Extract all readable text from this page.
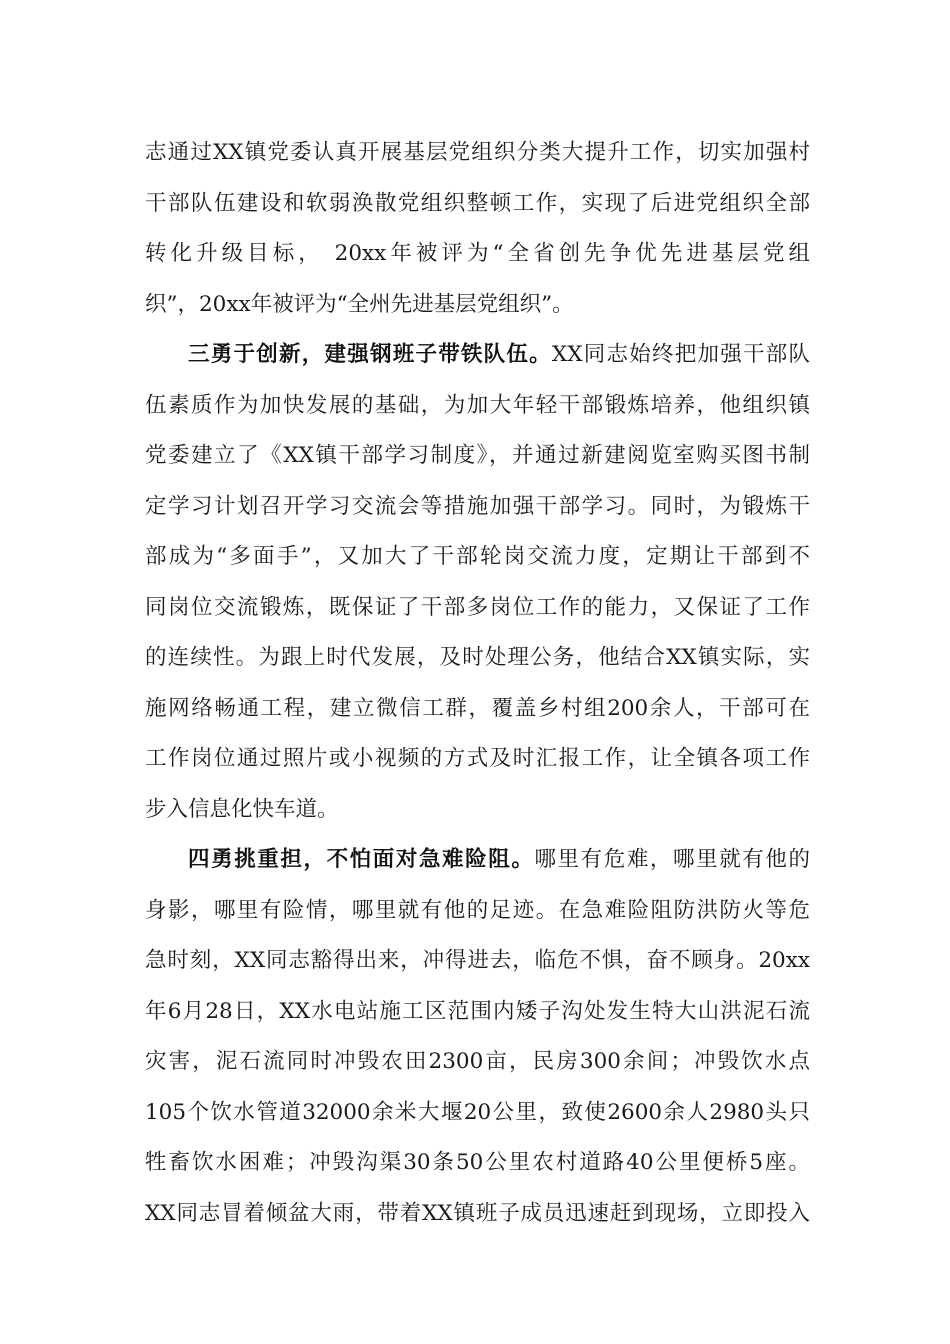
志通过XX镇党委认真开展基层党组织分类大提升工作，切实加强村
干部队伍建设和软弱涣散党组织整顿工作，实现了后进党组织全部
转化升级目标， 20xx年被评为“全省创先争优先进基层党组
织”，20xx年被评为“全州先进基层党组织”。
三勇于创新，建强钢班子带铁队伍。XX同志始终把加强干部队
伍素质作为加快发展的基础，为加大年轻干部锻炼培养，他组织镇
党委建立了《XX镇干部学习制度》，并通过新建阅览室购买图书制
定学习计划召开学习交流会等措施加强干部学习。同时，为锻炼干
部成为“多面手”，又加大了干部轮岗交流力度，定期让干部到不
同岗位交流锻炼，既保证了干部多岗位工作的能力，又保证了工作
的连续性。为跟上时代发展，及时处理公务，他结合XX镇实际，实
施网络畅通工程，建立微信工群，覆盖乡村组200余人，干部可在
工作岗位通过照片或小视频的方式及时汇报工作，让全镇各项工作
步入信息化快车道。
四勇挑重担，不怕面对急难险阻。哪里有危难，哪里就有他的
身影，哪里有险情，哪里就有他的足迹。在急难险阻防洪防火等危
急时刻，XX同志豁得出来，冲得进去，临危不惧，奋不顾身。20xx
年6月28日，XX水电站施工区范围内矮子沟处发生特大山洪泥石流
灾害，泥石流同时冲毁农田2300亩，民房300余间；冲毁饮水点
105个饮水管道32000余米大堰20公里，致使2600余人2980头只
牲畜饮水困难；冲毁沟渠30条50公里农村道路40公里便桥5座。
XX同志冒着倾盆大雨，带着XX镇班子成员迅速赶到现场，立即投入
